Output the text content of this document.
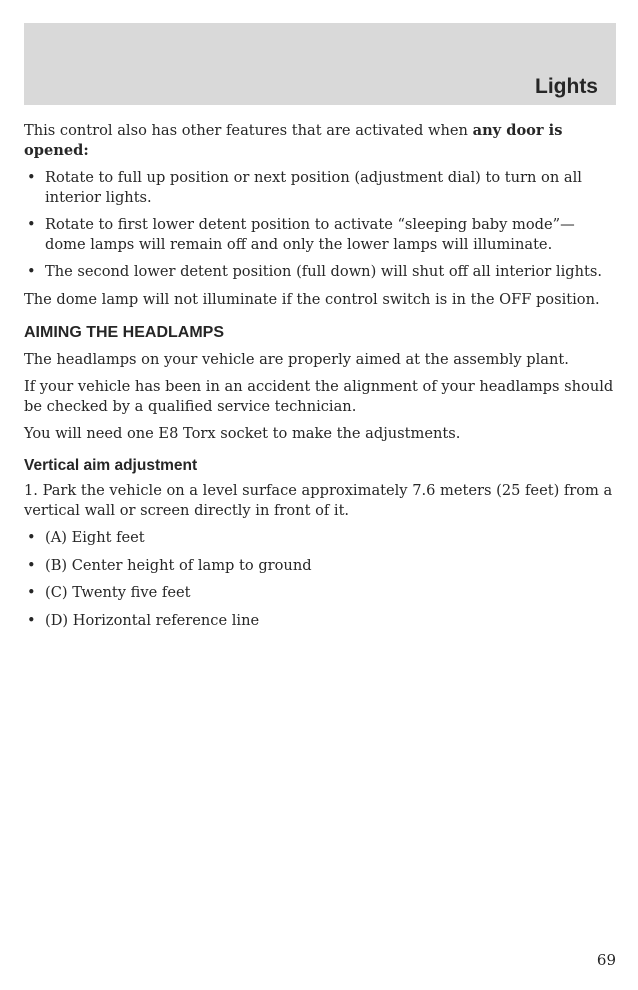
Lights

This control also has other features that are activated when any door is opened:

• Rotate to full up position or next position (adjustment dial) to turn on all interior lights.
• Rotate to first lower detent position to activate “sleeping baby mode”— dome lamps will remain off and only the lower lamps will illuminate.
• The second lower detent position (full down) will shut off all interior lights.

The dome lamp will not illuminate if the control switch is in the OFF position.

AIMING THE HEADLAMPS

The headlamps on your vehicle are properly aimed at the assembly plant.

If your vehicle has been in an accident the alignment of your headlamps should be checked by a qualified service technician.

You will need one E8 Torx socket to make the adjustments.

Vertical aim adjustment

1. Park the vehicle on a level surface approximately 7.6 meters (25 feet) from a vertical wall or screen directly in front of it.

• (A) Eight feet
• (B) Center height of lamp to ground
• (C) Twenty five feet
• (D) Horizontal reference line
69
